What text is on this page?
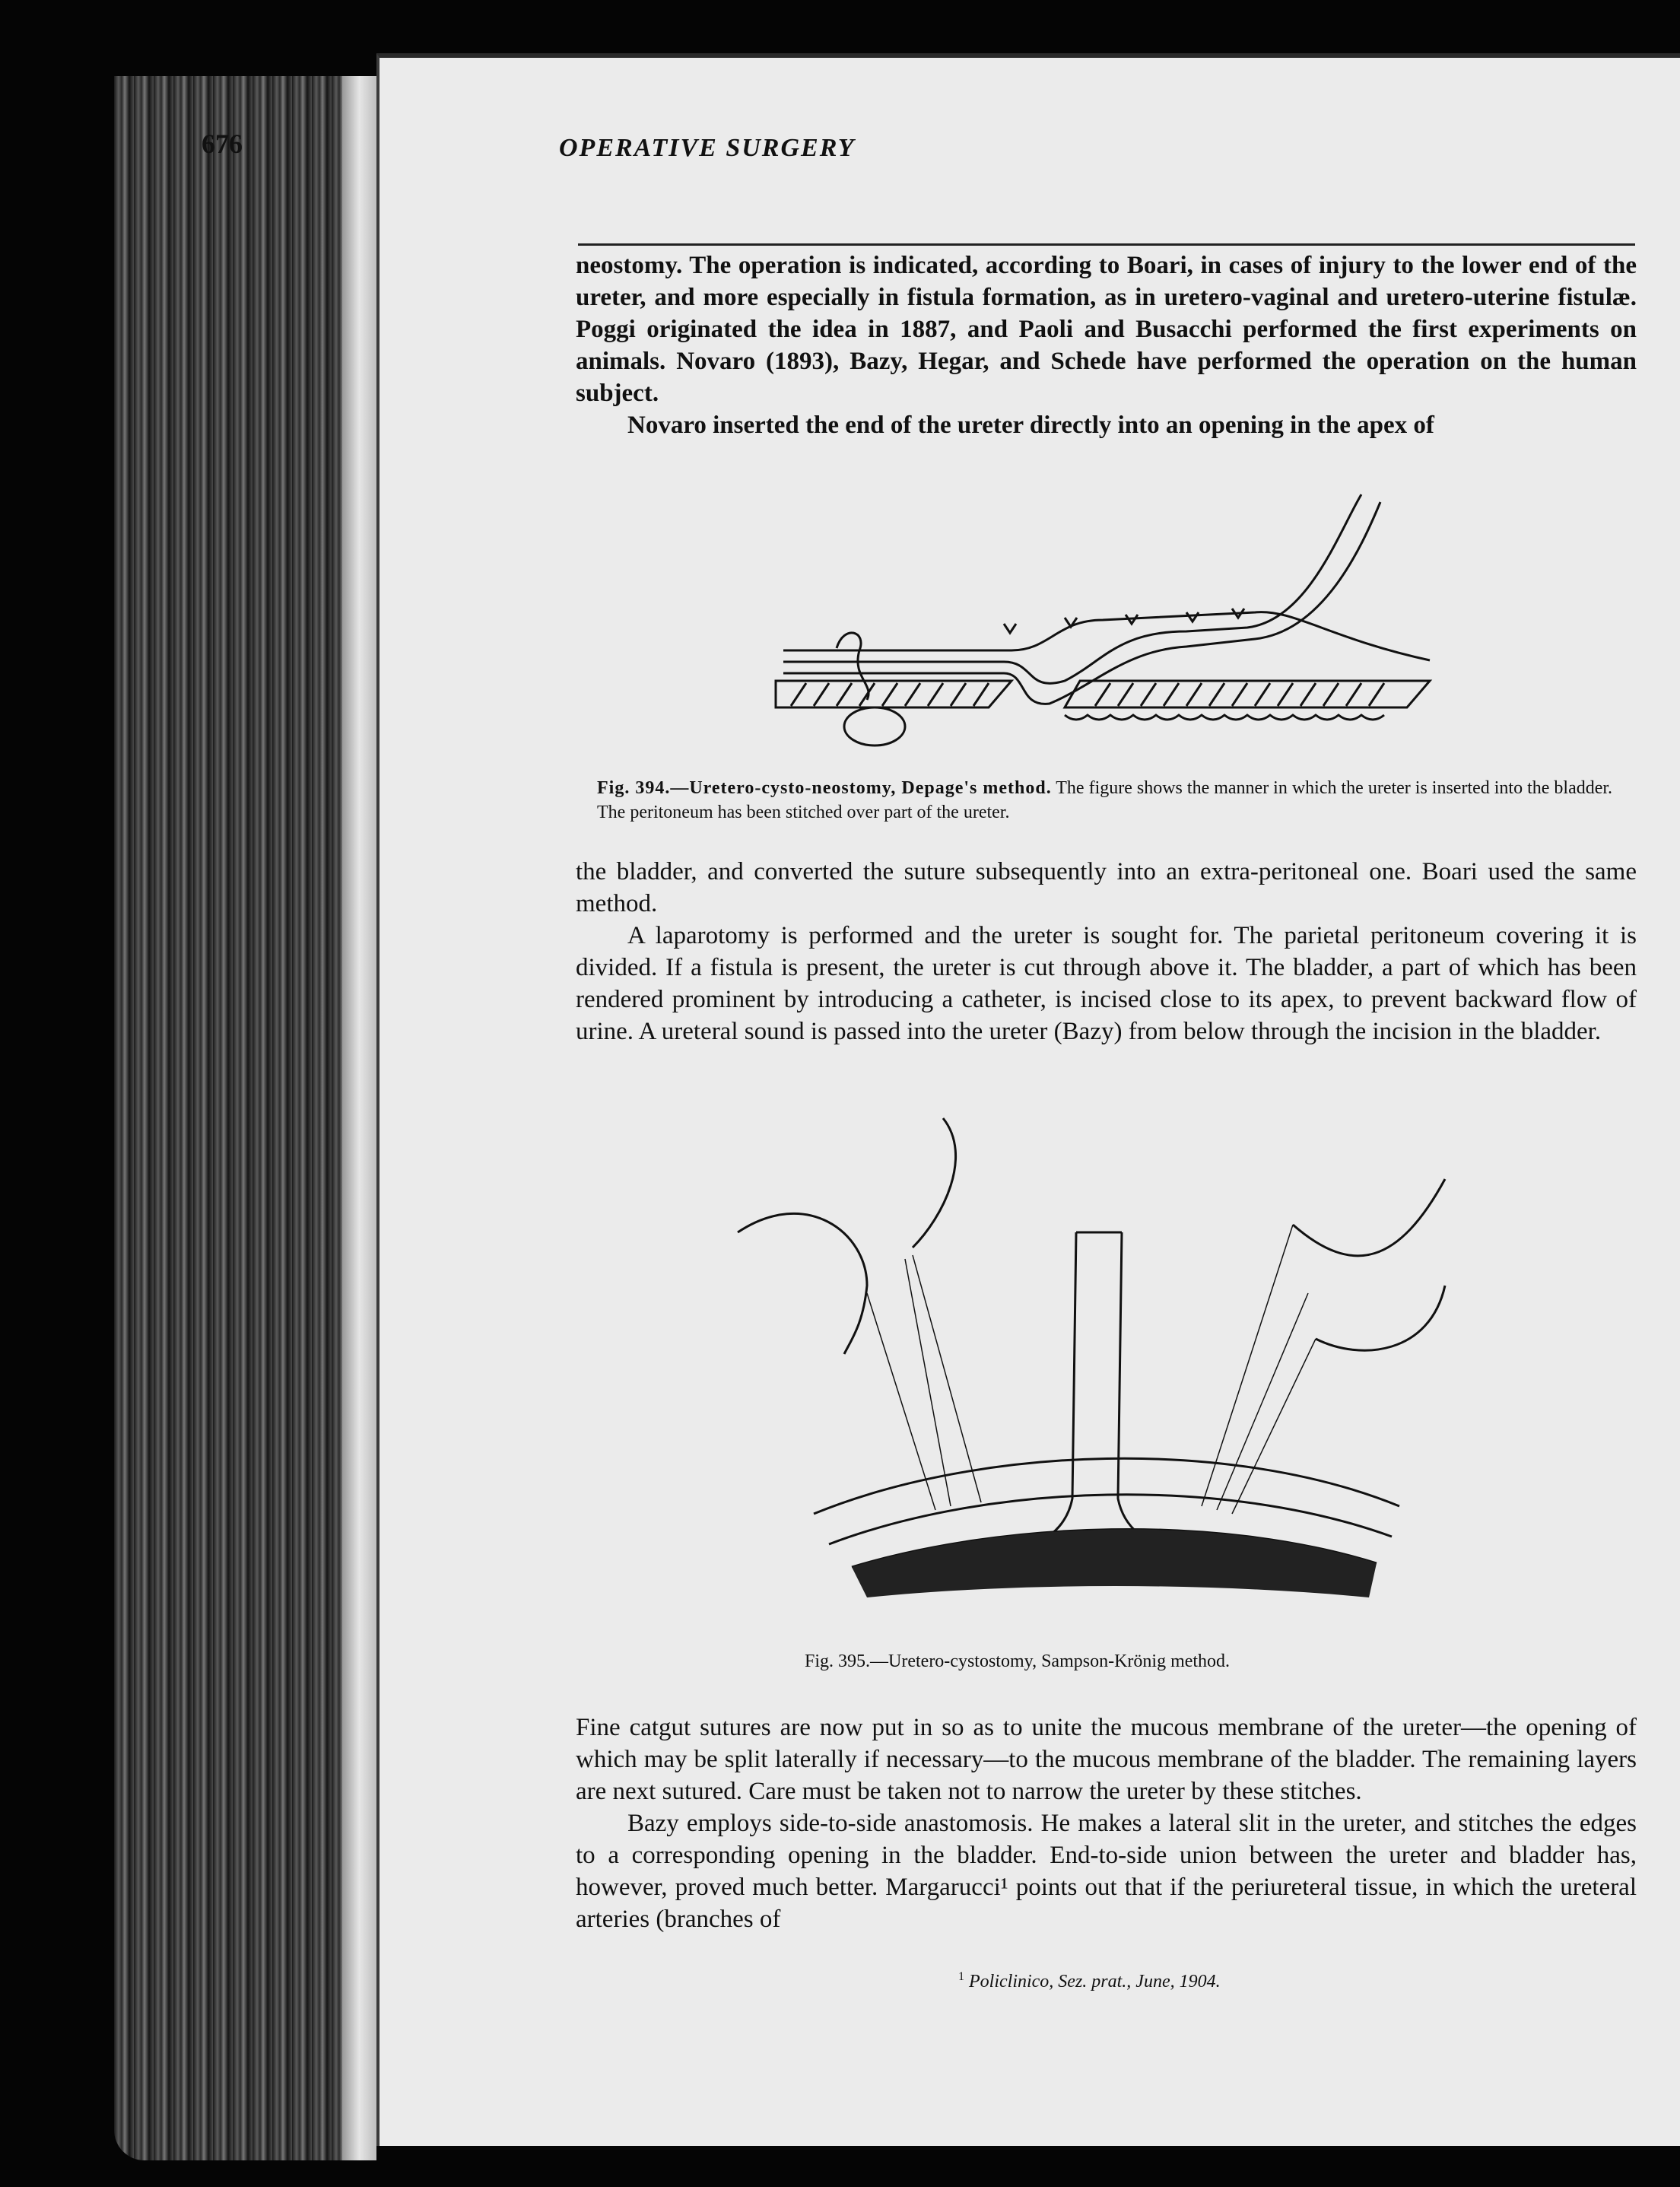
676	OPERATIVE SURGERY

neostomy. The operation is indicated, according to Boari, in cases of injury to the lower end of the ureter, and more especially in fistula formation, as in uretero-vaginal and uretero-uterine fistulæ. Poggi originated the idea in 1887, and Paoli and Busacchi performed the first experiments on animals. Novaro (1893), Bazy, Hegar, and Schede have performed the operation on the human subject.

Novaro inserted the end of the ureter directly into an opening in the apex of

Fig. 394.—Uretero-cysto-neostomy, Depage's method. The figure shows the manner in which the ureter is inserted into the bladder. The peritoneum has been stitched over part of the ureter.

the bladder, and converted the suture subsequently into an extra-peritoneal one. Boari used the same method.

A laparotomy is performed and the ureter is sought for. The parietal peritoneum covering it is divided. If a fistula is present, the ureter is cut through above it. The bladder, a part of which has been rendered prominent by introducing a catheter, is incised close to its apex, to prevent backward flow of urine. A ureteral sound is passed into the ureter (Bazy) from below through the incision in the bladder.

Fig. 395.—Uretero-cystostomy, Sampson-Krönig method.

Fine catgut sutures are now put in so as to unite the mucous membrane of the ureter—the opening of which may be split laterally if necessary—to the mucous membrane of the bladder. The remaining layers are next sutured. Care must be taken not to narrow the ureter by these stitches.

Bazy employs side-to-side anastomosis. He makes a lateral slit in the ureter, and stitches the edges to a corresponding opening in the bladder. End-to-side union between the ureter and bladder has, however, proved much better. Margarucci¹ points out that if the periureteral tissue, in which the ureteral arteries (branches of

$^1$ Policlinico, Sez. prat., June, 1904.
